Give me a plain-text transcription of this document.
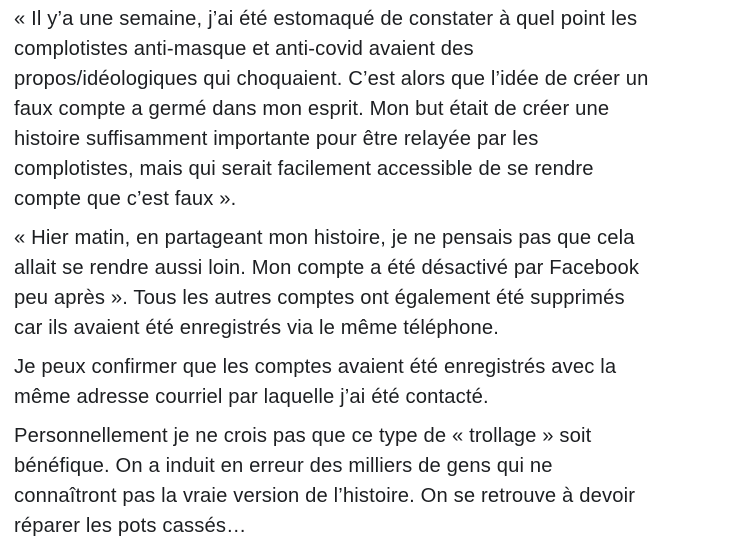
« Il y’a une semaine, j’ai été estomaqué de constater à quel point les
complotistes anti-masque et anti-covid avaient des
propos/idéologiques qui choquaient. C’est alors que l’idée de créer un
faux compte a germé dans mon esprit. Mon but était de créer une
histoire suffisamment importante pour être relayée par les
complotistes, mais qui serait facilement accessible de se rendre
compte que c’est faux ».

« Hier matin, en partageant mon histoire, je ne pensais pas que cela
allait se rendre aussi loin. Mon compte a été désactivé par Facebook
peu après ». Tous les autres comptes ont également été supprimés
car ils avaient été enregistrés via le même téléphone.

Je peux confirmer que les comptes avaient été enregistrés avec la
même adresse courriel par laquelle j’ai été contacté.

Personnellement je ne crois pas que ce type de « trollage » soit
bénéfique. On a induit en erreur des milliers de gens qui ne
connaîtront pas la vraie version de l’histoire. On se retrouve à devoir
réparer les pots cassés…
